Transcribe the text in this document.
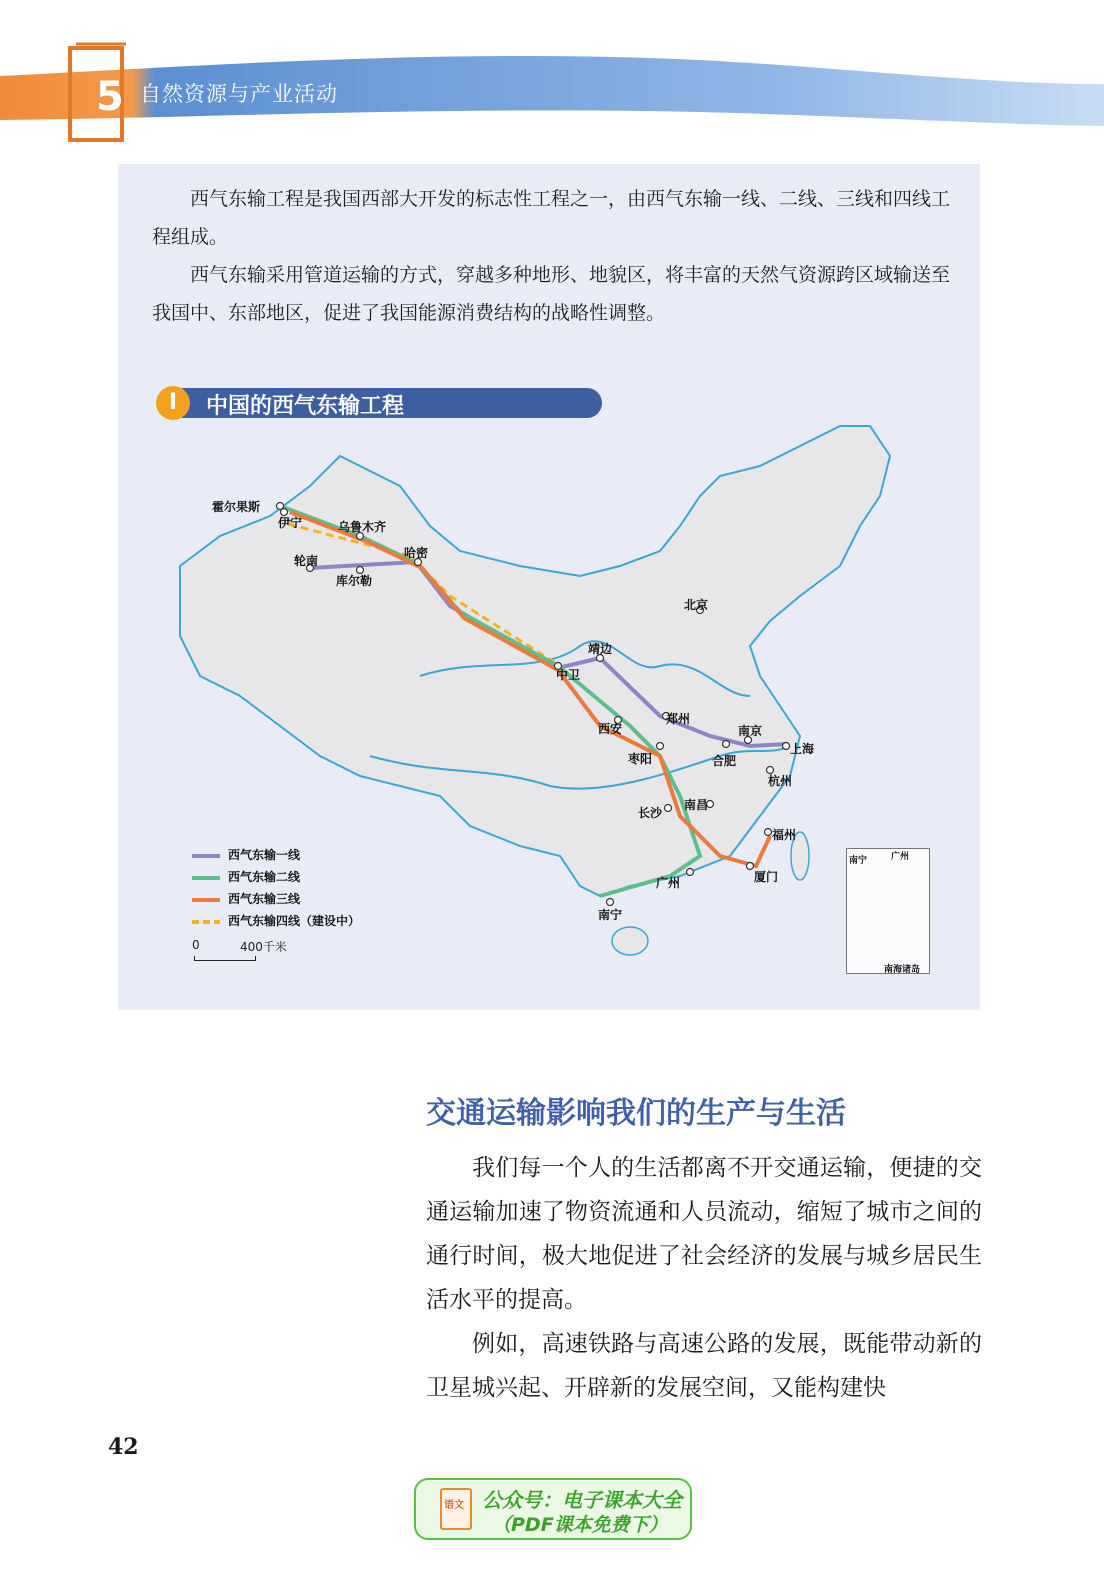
5 自然资源与产业活动

西气东输工程是我国西部大开发的标志性工程之一，由西气东输一线、二线、三线和四线工程组成。

西气东输采用管道运输的方式，穿越多种地形、地貌区，将丰富的天然气资源跨区域输送至我国中、东部地区，促进了我国能源消费结构的战略性调整。

I	中国的西气东输工程
霍尔果斯
伊宁	乌鲁木齐
轮南
哈密
库尔勒
北京
靖边
中卫
郑州
西安	南京
上海
枣阳	合肥
杭州
长沙
南昌
福州
广州	厦门
南宁
西气东输一线
西气东输二线
西气东输三线
西气东输四线（建设中）
0	400千米
南宁	广州
南海诸岛
交通运输影响我们的生产与生活

我们每一个人的生活都离不开交通运输，便捷的交通运输加速了物资流通和人员流动，缩短了城市之间的通行时间，极大地促进了社会经济的发展与城乡居民生活水平的提高。

例如，高速铁路与高速公路的发展，既能带动新的卫星城兴起、开辟新的发展空间，又能构建快

42
语文 公众号：电子课本大全
（PDF课本免费下）
